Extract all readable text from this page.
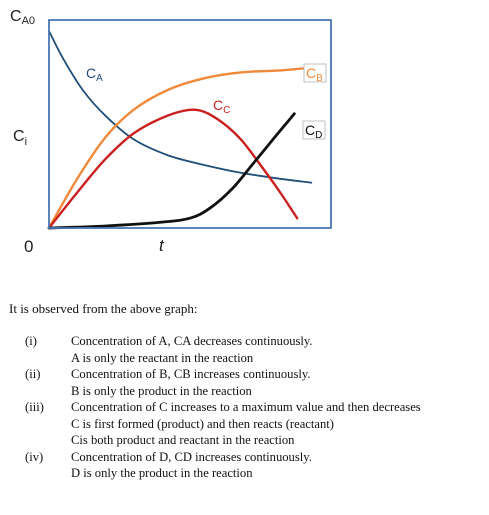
$C_A$	$C_B$
$C_C$
$C_D$
CA0
$C_i$
0	t

It is observed from the above graph:

(i)	Concentration of A, CA decreases continuously.
A is only the reactant in the reaction
(ii)	Concentration of B, CB increases continuously.
B is only the product in the reaction
(iii)	Concentration of C increases to a maximum value and then decreases
C is first formed (product) and then reacts (reactant)
Cis both product and reactant in the reaction
(iv)	Concentration of D, CD increases continuously.
D is only the product in the reaction
